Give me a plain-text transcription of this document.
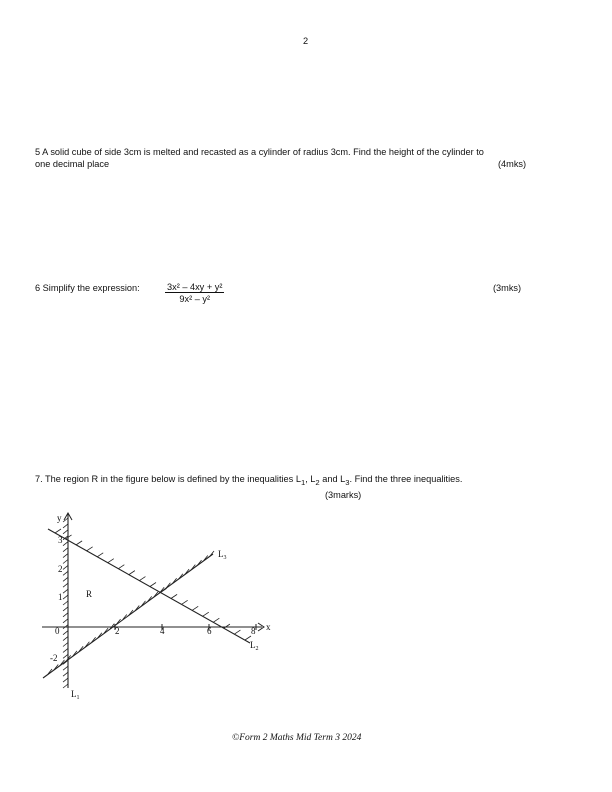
2
5 A solid cube of side 3cm is melted and recasted as a cylinder of radius 3cm. Find the height of the cylinder to
one decimal place	(4mks)
6 Simplify the expression:	$\frac{\text{3x² – 4xy + y²}}{\text{9x² – y²}}$	(3mks)
7. The region R in the figure below is defined by the inequalities $L_1$, $L_2$ and $L_3$. Find the three inequalities.
(3marks)
y
x
0
R
2	4	6	8
3
2
1
-2
$L_1$
$L_2$
$L_3$
©Form 2 Maths Mid Term 3 2024
